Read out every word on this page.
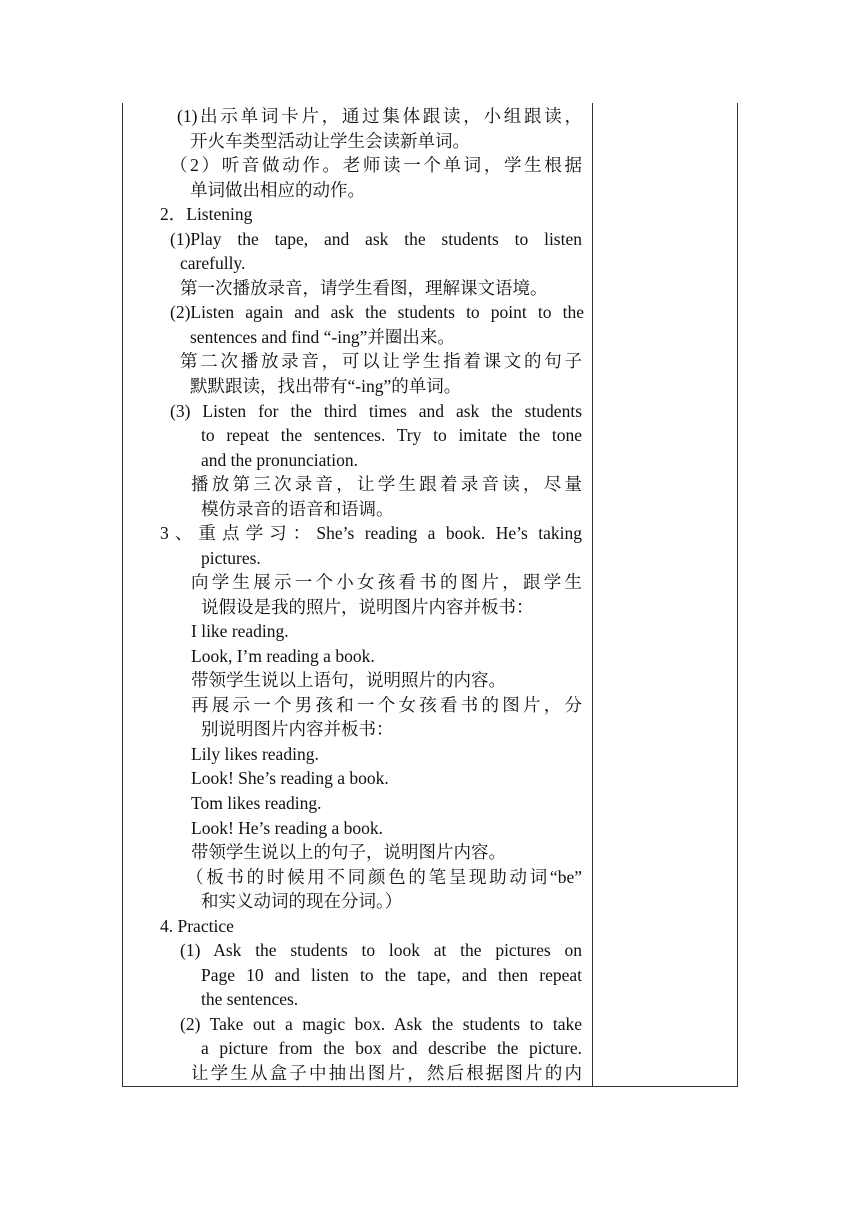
(1)出示单词卡片，通过集体跟读，小组跟读，
开火车类型活动让学生会读新单词。
（2）听音做动作。老师读一个单词，学生根据
单词做出相应的动作。
2．Listening
(1)Play the tape, and ask the students to listen
carefully.
第一次播放录音，请学生看图，理解课文语境。
(2)Listen again and ask the students to point to the
sentences and find “-ing”并圈出来。
第二次播放录音，可以让学生指着课文的句子
默默跟读，找出带有“-ing”的单词。
(3) Listen for the third times and ask the students
to repeat the sentences. Try to imitate the tone
and the pronunciation.
播放第三次录音，让学生跟着录音读，尽量
模仿录音的语音和语调。
3、重点学习：She’s reading a book. He’s taking
pictures.
向学生展示一个小女孩看书的图片，跟学生
说假设是我的照片，说明图片内容并板书：
I like reading.
Look, I’m reading a book.
带领学生说以上语句，说明照片的内容。
再展示一个男孩和一个女孩看书的图片，分
别说明图片内容并板书：
Lily likes reading.
Look! She’s reading a book.
Tom likes reading.
Look! He’s reading a book.
带领学生说以上的句子，说明图片内容。
（板书的时候用不同颜色的笔呈现助动词“be”
和实义动词的现在分词。）
4. Practice
(1) Ask the students to look at the pictures on
Page 10 and listen to the tape, and then repeat
the sentences.
(2) Take out a magic box. Ask the students to take
a picture from the box and describe the picture.
让学生从盒子中抽出图片，然后根据图片的内
